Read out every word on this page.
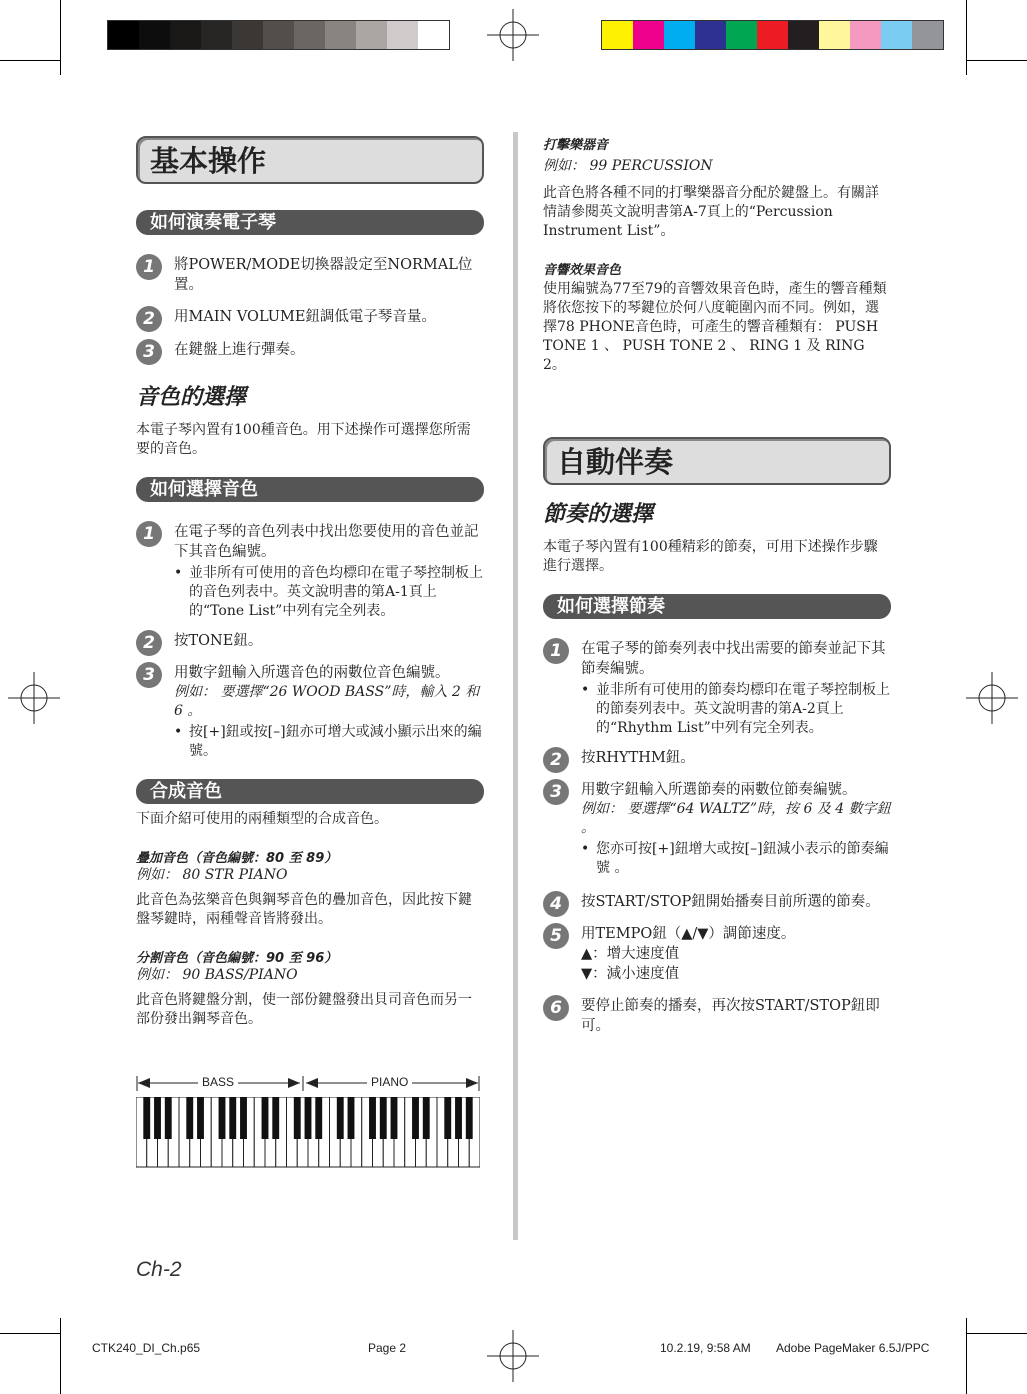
基本操作
如何演奏電子琴
1	將POWER/MODE切換器設定至NORMAL位置。
2	用MAIN VOLUME鈕調低電子琴音量。
3	在鍵盤上進行彈奏。
音色的選擇
本電子琴內置有100種音色。用下述操作可選擇您所需要的音色。
如何選擇音色
1	在電子琴的音色列表中找出您要使用的音色並記下其音色編號。
• 並非所有可使用的音色均標印在電子琴控制板上的音色列表中。英文說明書的第A-1頁上的“Tone List”中列有完全列表。
2	按TONE鈕。
3	用數字鈕輸入所選音色的兩數位音色編號。
例如： 要選擇“26 WOOD BASS”時，輸入 2 和 6 。
• 按[+]鈕或按[–]鈕亦可增大或減小顯示出來的編號。
合成音色
下面介紹可使用的兩種類型的合成音色。
疊加音色（音色編號：80 至 89）
例如： 80 STR PIANO
此音色為弦樂音色與鋼琴音色的疊加音色，因此按下鍵盤琴鍵時，兩種聲音皆將發出。
分割音色（音色編號：90 至 96）
例如： 90 BASS/PIANO
此音色將鍵盤分割，使一部份鍵盤發出貝司音色而另一部份發出鋼琴音色。
BASS	PIANO
打擊樂器音
例如： 99 PERCUSSION
此音色將各種不同的打擊樂器音分配於鍵盤上。有關詳情請參閱英文說明書第A-7頁上的“Percussion Instrument List”。
音響效果音色
使用編號為77至79的音響效果音色時，產生的響音種類將依您按下的琴鍵位於何八度範圍內而不同。例如，選擇78 PHONE音色時，可產生的響音種類有： PUSH TONE 1 、 PUSH TONE 2 、 RING 1 及 RING 2。
自動伴奏
節奏的選擇
本電子琴內置有100種精彩的節奏，可用下述操作步驟進行選擇。
如何選擇節奏
1	在電子琴的節奏列表中找出需要的節奏並記下其節奏編號。
• 並非所有可使用的節奏均標印在電子琴控制板上的節奏列表中。英文說明書的第A-2頁上的“Rhythm List”中列有完全列表。
2	按RHYTHM鈕。
3	用數字鈕輸入所選節奏的兩數位節奏編號。
例如： 要選擇“64 WALTZ”時，按 6 及 4 數字鈕 。
• 您亦可按[+]鈕增大或按[–]鈕減小表示的節奏編號 。
4	按START/STOP鈕開始播奏目前所選的節奏。
5	用TEMPO鈕（▲/▼）調節速度。
▲：增大速度值
▼：減小速度值
6	要停止節奏的播奏，再次按START/STOP鈕即可。
Ch-2
CTK240_DI_Ch.p65	Page 2	10.2.19, 9:58 AM Adobe PageMaker 6.5J/PPC
